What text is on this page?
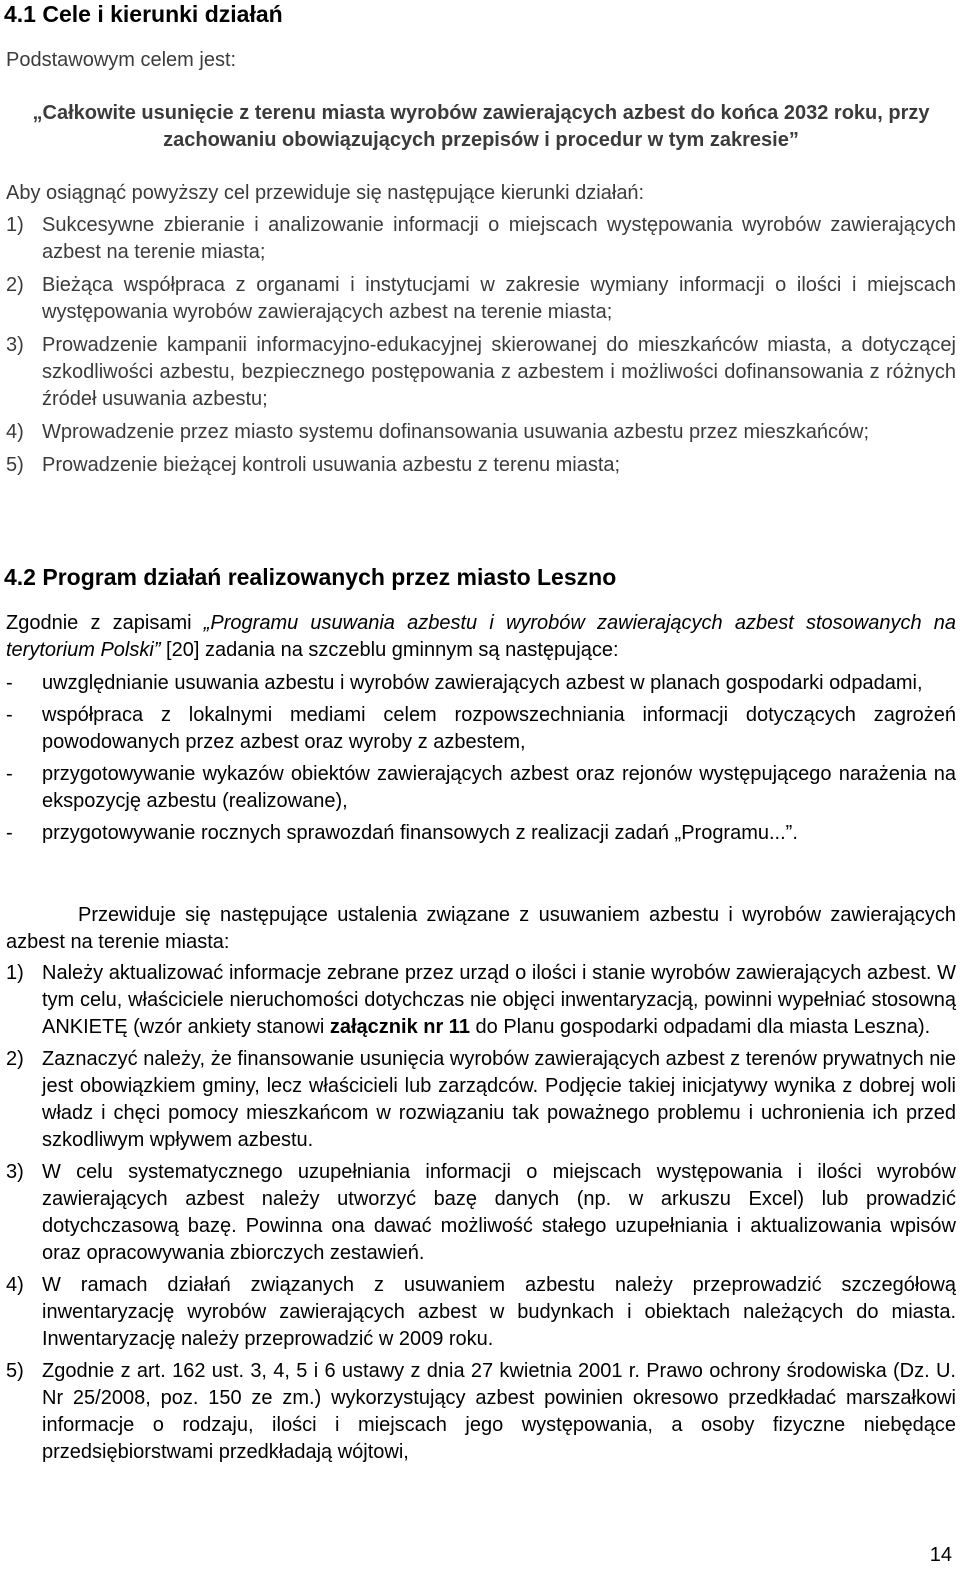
4.1 Cele i kierunki działań

Podstawowym celem jest:

„Całkowite usunięcie z terenu miasta wyrobów zawierających azbest do końca 2032 roku, przy zachowaniu obowiązujących przepisów i procedur w tym zakresie”

Aby osiągnąć powyższy cel przewiduje się następujące kierunki działań:

1) Sukcesywne zbieranie i analizowanie informacji o miejscach występowania wyrobów zawierających azbest na terenie miasta;
2) Bieżąca współpraca z organami i instytucjami w zakresie wymiany informacji o ilości i miejscach występowania wyrobów zawierających azbest na terenie miasta;
3) Prowadzenie kampanii informacyjno-edukacyjnej skierowanej do mieszkańców miasta, a dotyczącej szkodliwości azbestu, bezpiecznego postępowania z azbestem i możliwości dofinansowania z różnych źródeł usuwania azbestu;
4) Wprowadzenie przez miasto systemu dofinansowania usuwania azbestu przez mieszkańców;
5) Prowadzenie bieżącej kontroli usuwania azbestu z terenu miasta;
4.2 Program działań realizowanych przez miasto Leszno

Zgodnie z zapisami „Programu usuwania azbestu i wyrobów zawierających azbest stosowanych na terytorium Polski” [20] zadania na szczeblu gminnym są następujące:

- uwzględnianie usuwania azbestu i wyrobów zawierających azbest w planach gospodarki odpadami,
- współpraca z lokalnymi mediami celem rozpowszechniania informacji dotyczących zagrożeń powodowanych przez azbest oraz wyroby z azbestem,
- przygotowywanie wykazów obiektów zawierających azbest oraz rejonów występującego narażenia na ekspozycję azbestu (realizowane),
- przygotowywanie rocznych sprawozdań finansowych z realizacji zadań „Programu...”.

Przewiduje się następujące ustalenia związane z usuwaniem azbestu i wyrobów zawierających azbest na terenie miasta:

1) Należy aktualizować informacje zebrane przez urząd o ilości i stanie wyrobów zawierających azbest. W tym celu, właściciele nieruchomości dotychczas nie objęci inwentaryzacją, powinni wypełniać stosowną ANKIETĘ (wzór ankiety stanowi załącznik nr 11 do Planu gospodarki odpadami dla miasta Leszna).
2) Zaznaczyć należy, że finansowanie usunięcia wyrobów zawierających azbest z terenów prywatnych nie jest obowiązkiem gminy, lecz właścicieli lub zarządców. Podjęcie takiej inicjatywy wynika z dobrej woli władz i chęci pomocy mieszkańcom w rozwiązaniu tak poważnego problemu i uchronienia ich przed szkodliwym wpływem azbestu.
3) W celu systematycznego uzupełniania informacji o miejscach występowania i ilości wyrobów zawierających azbest należy utworzyć bazę danych (np. w arkuszu Excel) lub prowadzić dotychczasową bazę. Powinna ona dawać możliwość stałego uzupełniania i aktualizowania wpisów oraz opracowywania zbiorczych zestawień.
4) W ramach działań związanych z usuwaniem azbestu należy przeprowadzić szczegółową inwentaryzację wyrobów zawierających azbest w budynkach i obiektach należących do miasta. Inwentaryzację należy przeprowadzić w 2009 roku.
5) Zgodnie z art. 162 ust. 3, 4, 5 i 6 ustawy z dnia 27 kwietnia 2001 r. Prawo ochrony środowiska (Dz. U. Nr 25/2008, poz. 150 ze zm.) wykorzystujący azbest powinien okresowo przedkładać marszałkowi informacje o rodzaju, ilości i miejscach jego występowania, a osoby fizyczne niebędące przedsiębiorstwami przedkładają wójtowi,
14
